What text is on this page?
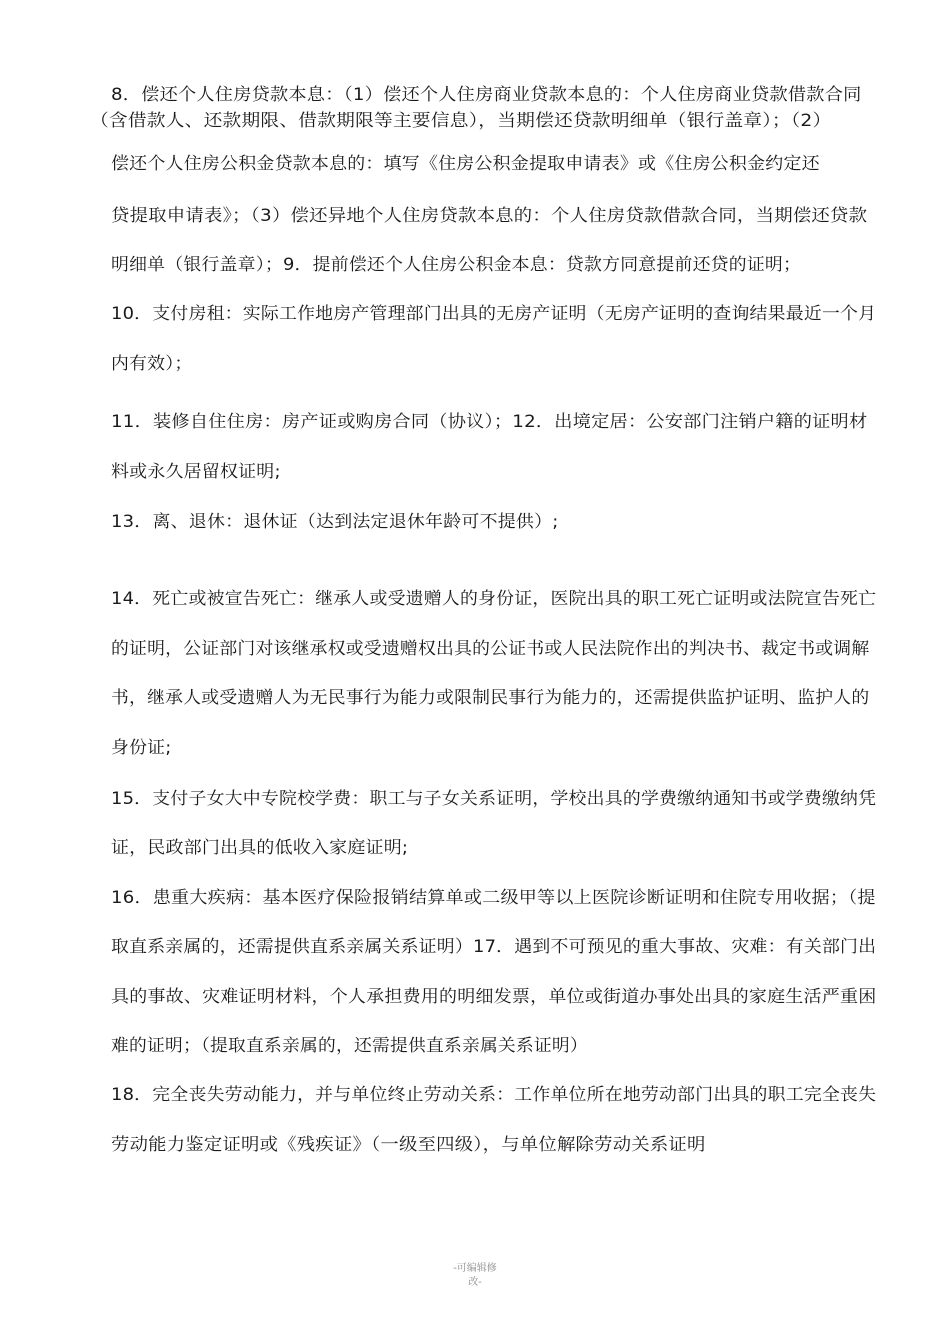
8．偿还个人住房贷款本息：（1）偿还个人住房商业贷款本息的：个人住房商业贷款借款合同
（含借款人、还款期限、借款期限等主要信息），当期偿还贷款明细单（银行盖章）；（2）
偿还个人住房公积金贷款本息的：填写《住房公积金提取申请表》或《住房公积金约定还
贷提取申请表》；（3）偿还异地个人住房贷款本息的：个人住房贷款借款合同，当期偿还贷款
明细单（银行盖章）；9．提前偿还个人住房公积金本息：贷款方同意提前还贷的证明；
10．支付房租：实际工作地房产管理部门出具的无房产证明（无房产证明的查询结果最近一个月
内有效）；
11．装修自住住房：房产证或购房合同（协议）；12．出境定居：公安部门注销户籍的证明材
料或永久居留权证明;
13．离、退休：退休证（达到法定退休年龄可不提供）;
14．死亡或被宣告死亡：继承人或受遗赠人的身份证，医院出具的职工死亡证明或法院宣告死亡
的证明，公证部门对该继承权或受遗赠权出具的公证书或人民法院作出的判决书、裁定书或调解
书，继承人或受遗赠人为无民事行为能力或限制民事行为能力的，还需提供监护证明、监护人的
身份证;
15．支付子女大中专院校学费：职工与子女关系证明，学校出具的学费缴纳通知书或学费缴纳凭
证，民政部门出具的低收入家庭证明;
16．患重大疾病：基本医疗保险报销结算单或二级甲等以上医院诊断证明和住院专用收据；（提
取直系亲属的，还需提供直系亲属关系证明）17．遇到不可预见的重大事故、灾难：有关部门出
具的事故、灾难证明材料，个人承担费用的明细发票，单位或街道办事处出具的家庭生活严重困
难的证明；（提取直系亲属的，还需提供直系亲属关系证明）
18．完全丧失劳动能力，并与单位终止劳动关系：工作单位所在地劳动部门出具的职工完全丧失
劳动能力鉴定证明或《残疾证》（一级至四级），与单位解除劳动关系证明
-可编辑修
改-
